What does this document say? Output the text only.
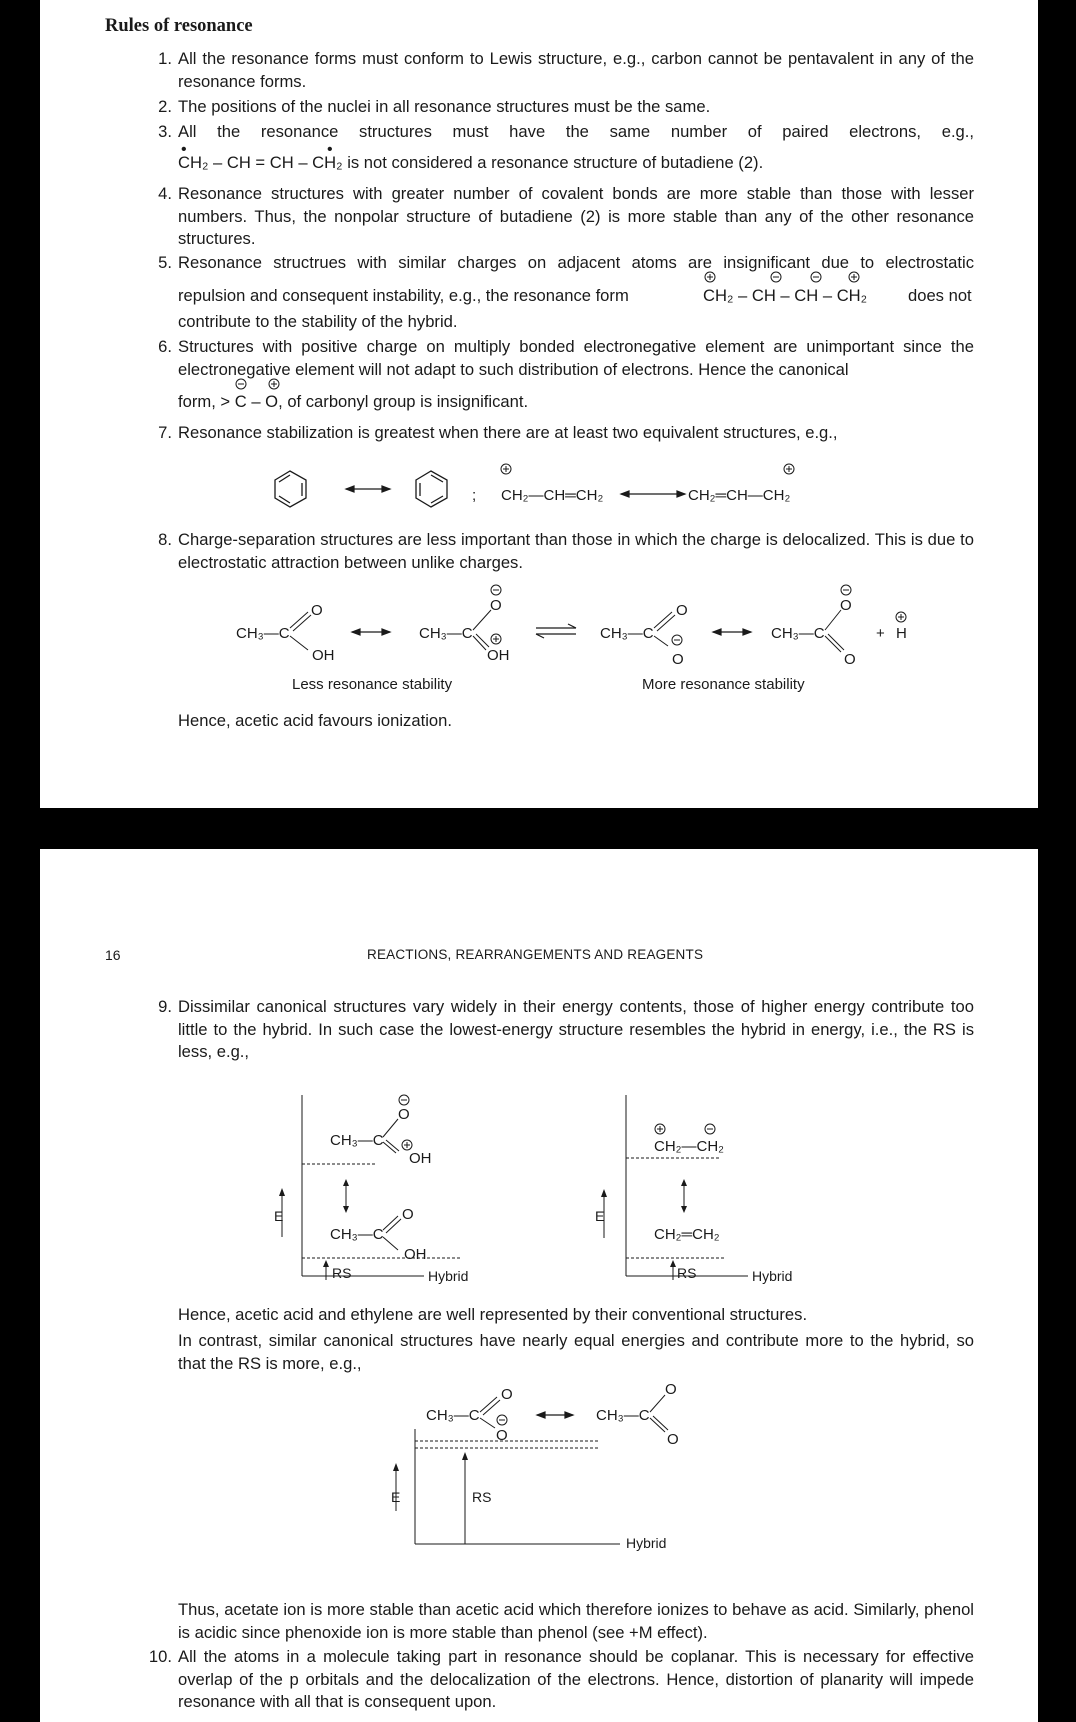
Rules of resonance
1. All the resonance forms must conform to Lewis structure, e.g., carbon cannot be pentavalent in any of the resonance forms.
2. The positions of the nuclei in all resonance structures must be the same.
3. All the resonance structures must have the same number of paired electrons, e.g.,
•	•
CH₂ – CH = CH – CH₂ is not considered a resonance structure of butadiene (2).
4. Resonance structures with greater number of covalent bonds are more stable than those with lesser numbers. Thus, the nonpolar structure of butadiene (2) is more stable than any of the other resonance structures.
5. Resonance structrues with similar charges on adjacent atoms are insignificant due to electrostatic
repulsion and consequent instability, e.g., the resonance form	CH₂ – CH – CH – CH₂ does not
contribute to the stability of the hybrid.
6. Structures with positive charge on multiply bonded electronegative element are unimportant since the electronegative element will not adapt to such distribution of electrons. Hence the canonical
form, > C – O, of carbonyl group is insignificant.
7. Resonance stabilization is greatest when there are at least two equivalent structures, e.g.,
; CH₂—CH═CH₂	CH₂═CH—CH₂
8. Charge-separation structures are less important than those in which the charge is delocalized. This is due to electrostatic attraction between unlike charges.
CH₃—C
O
OH
CH₃—C
O
OH
CH₃—C
O
O
CH₃—C
O
O
+ H
Less resonance stability	More resonance stability
Hence, acetic acid favours ionization.
16	REACTIONS, REARRANGEMENTS AND REAGENTS
9. Dissimilar canonical structures vary widely in their energy contents, those of higher energy contribute too little to the hybrid. In such case the lowest-energy structure resembles the hybrid in energy, i.e., the RS is less, e.g.,
E	E
RS	RS
Hybrid	Hybrid
CH₃—C
O
OH
CH₃—C
O
OH
CH₂—CH₂
CH₂═CH₂
Hence, acetic acid and ethylene are well represented by their conventional structures.
In contrast, similar canonical structures have nearly equal energies and contribute more to the hybrid, so that the RS is more, e.g.,
E	RS
Hybrid
CH₃—C
O
O
CH₃—C
O
O
Thus, acetate ion is more stable than acetic acid which therefore ionizes to behave as acid. Similarly, phenol is acidic since phenoxide ion is more stable than phenol (see +M effect).
10. All the atoms in a molecule taking part in resonance should be coplanar. This is necessary for effective overlap of the p orbitals and the delocalization of the electrons. Hence, distortion of planarity will impede resonance with all that is consequent upon.
